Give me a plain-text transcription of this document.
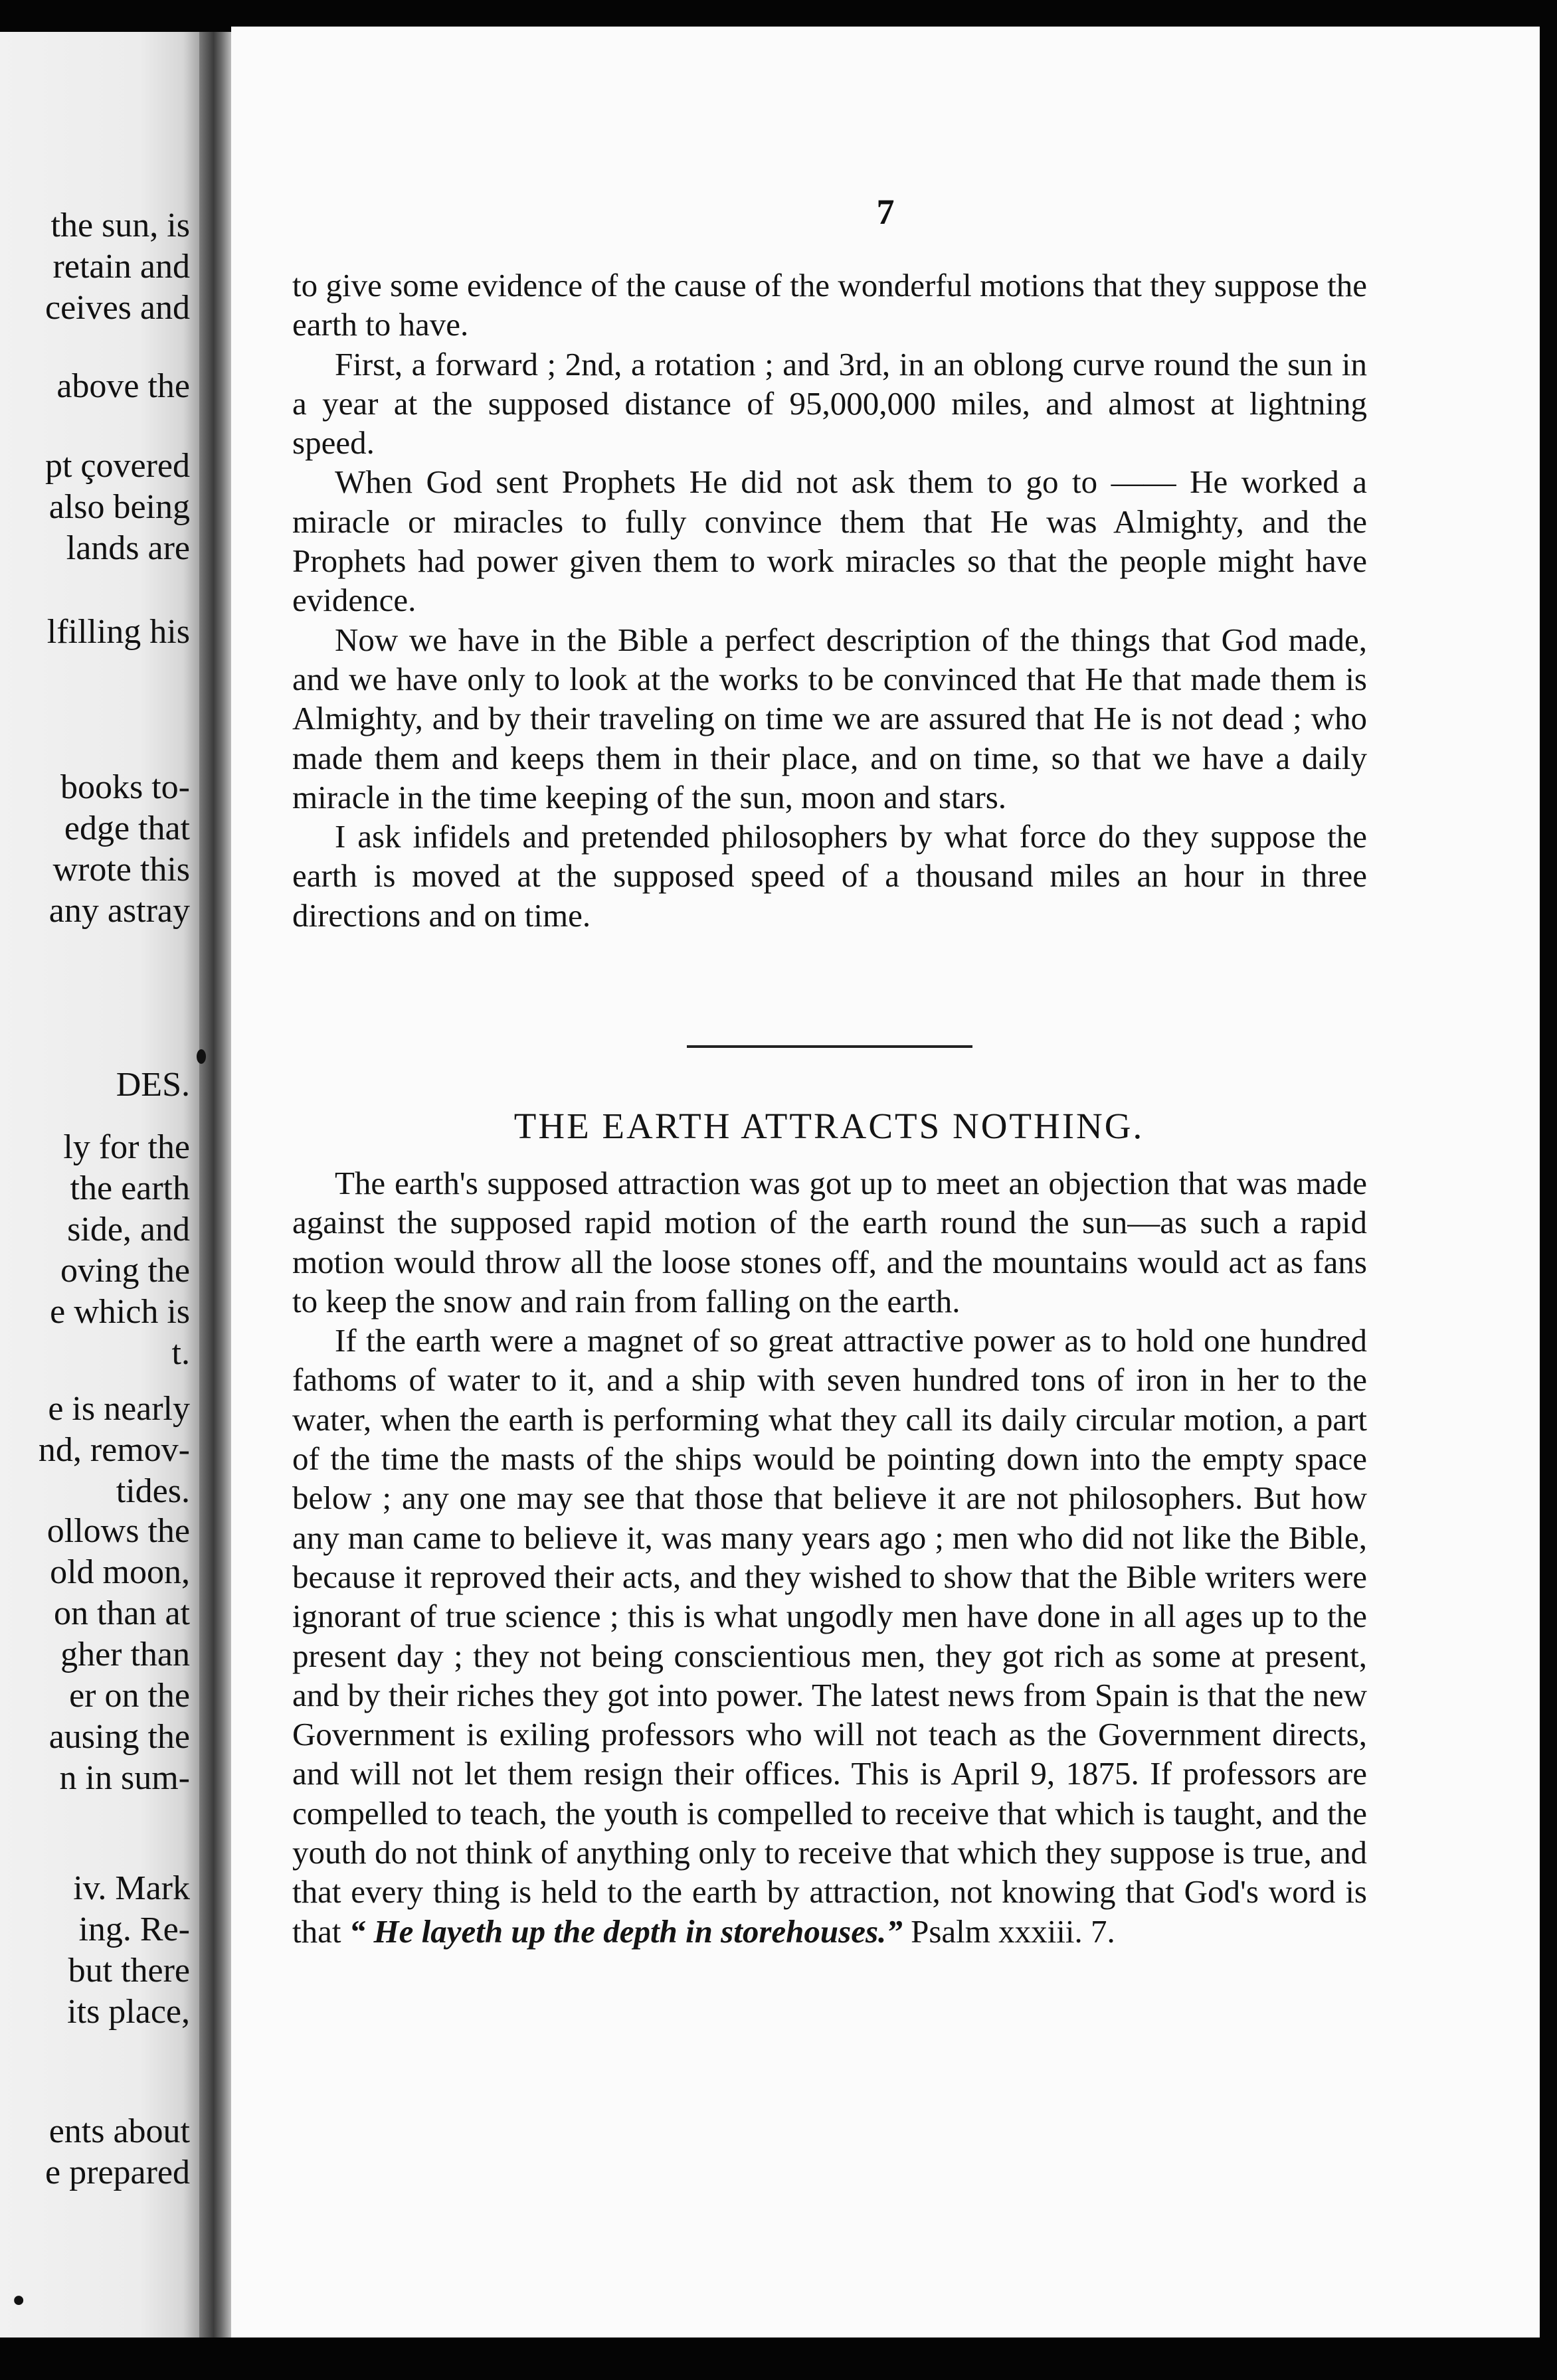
the sun, is
retain and
ceives and
above the
pt çovered
also being
lands are
lfilling his
books to-
edge that
wrote this
any astray
DES.
ly for the
the earth
side, and
oving the
e which is
t.
e is nearly
nd, remov-
tides.
ollows the
old moon,
on than at
gher than
er on the
ausing the
n in sum-
iv. Mark
ing. Re-
but there
its place,
ents about
e prepared
•
7

to give some evidence of the cause of the wonderful motions that they suppose the earth to have.

First, a forward ; 2nd, a rotation ; and 3rd, in an oblong curve round the sun in a year at the supposed distance of 95,000,000 miles, and almost at lightning speed.

When God sent Prophets He did not ask them to go to —— He worked a miracle or miracles to fully convince them that He was Almighty, and the Prophets had power given them to work miracles so that the people might have evidence.

Now we have in the Bible a perfect description of the things that God made, and we have only to look at the works to be convinced that He that made them is Almighty, and by their traveling on time we are assured that He is not dead ; who made them and keeps them in their place, and on time, so that we have a daily miracle in the time keeping of the sun, moon and stars.

I ask infidels and pretended philosophers by what force do they suppose the earth is moved at the supposed speed of a thousand miles an hour in three directions and on time.

THE EARTH ATTRACTS NOTHING.

The earth's supposed attraction was got up to meet an objection that was made against the supposed rapid motion of the earth round the sun—as such a rapid motion would throw all the loose stones off, and the mountains would act as fans to keep the snow and rain from falling on the earth.

If the earth were a magnet of so great attractive power as to hold one hundred fathoms of water to it, and a ship with seven hundred tons of iron in her to the water, when the earth is performing what they call its daily circular motion, a part of the time the masts of the ships would be pointing down into the empty space below ; any one may see that those that believe it are not philosophers. But how any man came to believe it, was many years ago ; men who did not like the Bible, because it reproved their acts, and they wished to show that the Bible writers were ignorant of true science ; this is what ungodly men have done in all ages up to the present day ; they not being conscientious men, they got rich as some at present, and by their riches they got into power. The latest news from Spain is that the new Government is exiling professors who will not teach as the Government directs, and will not let them resign their offices. This is April 9, 1875. If professors are compelled to teach, the youth is compelled to receive that which is taught, and the youth do not think of anything only to receive that which they suppose is true, and that every thing is held to the earth by attraction, not knowing that God's word is that “ He layeth up the depth in storehouses.” Psalm xxxiii. 7.
